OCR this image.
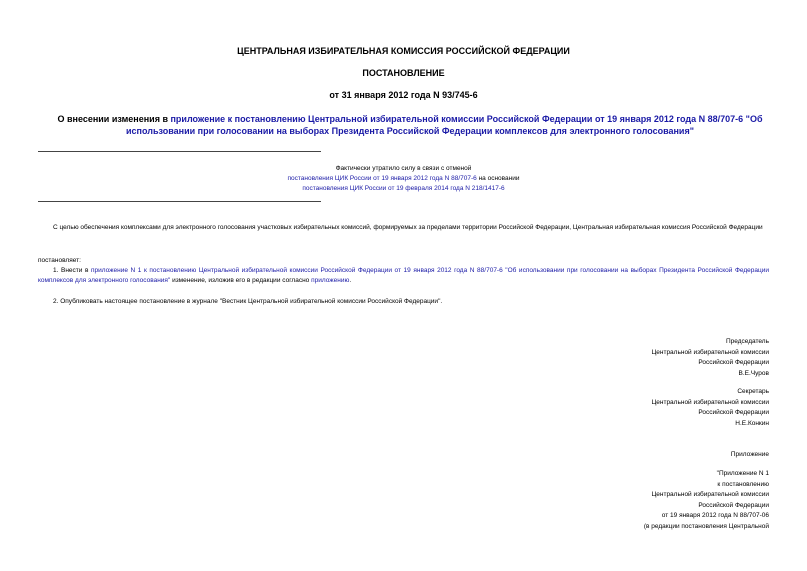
ЦЕНТРАЛЬНАЯ ИЗБИРАТЕЛЬНАЯ КОМИССИЯ РОССИЙСКОЙ ФЕДЕРАЦИИ
ПОСТАНОВЛЕНИЕ
от 31 января 2012 года N 93/745-6
О внесении изменения в приложение к постановлению Центральной избирательной комиссии Российской Федерации от 19 января 2012 года N 88/707-6 "Об использовании при голосовании на выборах Президента Российской Федерации комплексов для электронного голосования"
Фактически утратило силу в связи с отменой
постановления ЦИК России от 19 января 2012 года N 88/707-6 на основании
постановления ЦИК России от 19 февраля 2014 года N 218/1417-6
С целью обеспечения комплексами для электронного голосования участковых избирательных комиссий, формируемых за пределами территории Российской Федерации, Центральная избирательная комиссия Российской Федерации
постановляет:
1. Внести в приложение N 1 к постановлению Центральной избирательной комиссии Российской Федерации от 19 января 2012 года N 88/707-6 "Об использовании при голосовании на выборах Президента Российской Федерации комплексов для электронного голосования" изменение, изложив его в редакции согласно приложению.
2. Опубликовать настоящее постановление в журнале "Вестник Центральной избирательной комиссии Российской Федерации".
Председатель
Центральной избирательной комиссии
Российской Федерации
В.Е.Чуров
Секретарь
Центральной избирательной комиссии
Российской Федерации
Н.Е.Конкин
Приложение
"Приложение N 1
к постановлению
Центральной избирательной комиссии
Российской Федерации
от 19 января 2012 года N 88/707-06
(в редакции постановления Центральной
